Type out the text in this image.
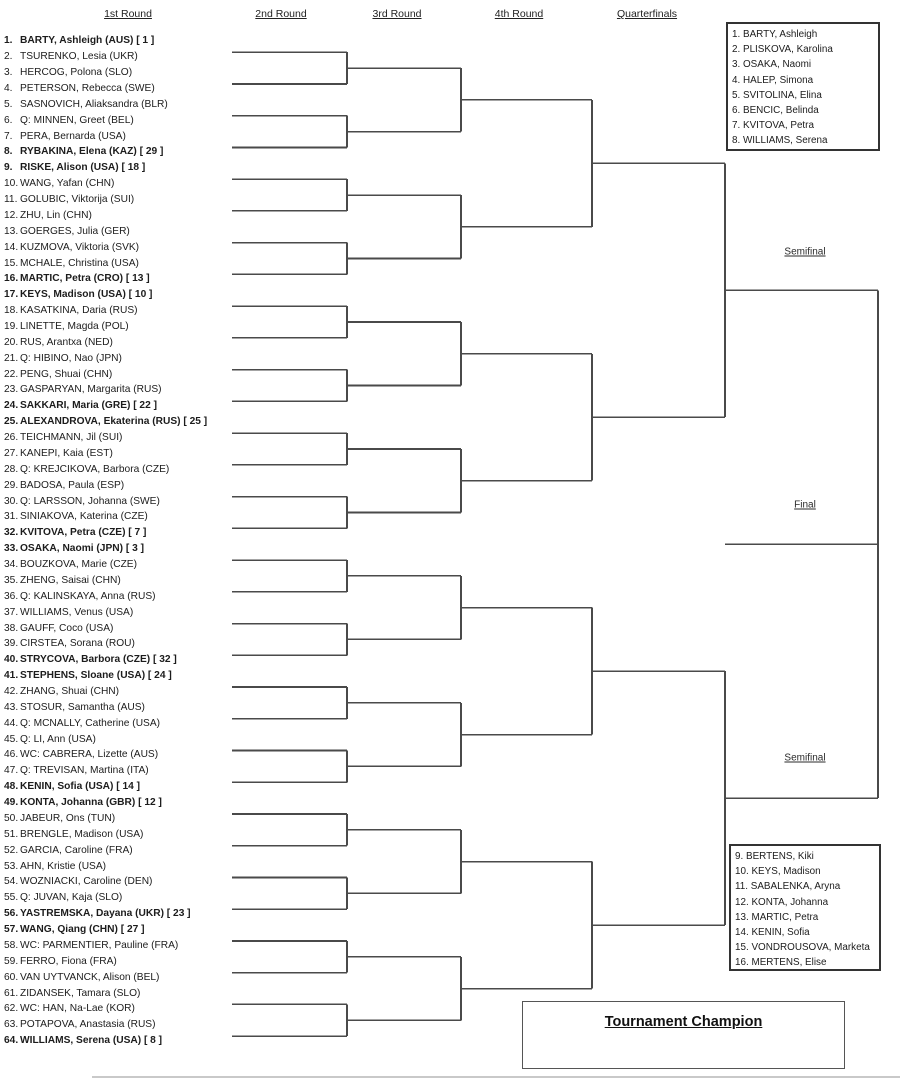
1st Round	2nd Round	3rd Round	4th Round	Quarterfinals
1. BARTY, Ashleigh (AUS) [ 1 ]
2. TSURENKO, Lesia (UKR)
3. HERCOG, Polona (SLO)
4. PETERSON, Rebecca (SWE)
5. SASNOVICH, Aliaksandra (BLR)
6. Q: MINNEN, Greet (BEL)
7. PERA, Bernarda (USA)
8. RYBAKINA, Elena (KAZ) [ 29 ]
9. RISKE, Alison (USA) [ 18 ]
10. WANG, Yafan (CHN)
11. GOLUBIC, Viktorija (SUI)
12. ZHU, Lin (CHN)
13. GOERGES, Julia (GER)
14. KUZMOVA, Viktoria (SVK)
15. MCHALE, Christina (USA)
16. MARTIC, Petra (CRO) [ 13 ]
17. KEYS, Madison (USA) [ 10 ]
18. KASATKINA, Daria (RUS)
19. LINETTE, Magda (POL)
20. RUS, Arantxa (NED)
21. Q: HIBINO, Nao (JPN)
22. PENG, Shuai (CHN)
23. GASPARYAN, Margarita (RUS)
24. SAKKARI, Maria (GRE) [ 22 ]
25. ALEXANDROVA, Ekaterina (RUS) [ 25 ]
26. TEICHMANN, Jil (SUI)
27. KANEPI, Kaia (EST)
28. Q: KREJCIKOVA, Barbora (CZE)
29. BADOSA, Paula (ESP)
30. Q: LARSSON, Johanna (SWE)
31. SINIAKOVA, Katerina (CZE)
32. KVITOVA, Petra (CZE) [ 7 ]
33. OSAKA, Naomi (JPN) [ 3 ]
34. BOUZKOVA, Marie (CZE)
35. ZHENG, Saisai (CHN)
36. Q: KALINSKAYA, Anna (RUS)
37. WILLIAMS, Venus (USA)
38. GAUFF, Coco (USA)
39. CIRSTEA, Sorana (ROU)
40. STRYCOVA, Barbora (CZE) [ 32 ]
41. STEPHENS, Sloane (USA) [ 24 ]
42. ZHANG, Shuai (CHN)
43. STOSUR, Samantha (AUS)
44. Q: MCNALLY, Catherine (USA)
45. Q: LI, Ann (USA)
46. WC: CABRERA, Lizette (AUS)
47. Q: TREVISAN, Martina (ITA)
48. KENIN, Sofia (USA) [ 14 ]
49. KONTA, Johanna (GBR) [ 12 ]
50. JABEUR, Ons (TUN)
51. BRENGLE, Madison (USA)
52. GARCIA, Caroline (FRA)
53. AHN, Kristie (USA)
54. WOZNIACKI, Caroline (DEN)
55. Q: JUVAN, Kaja (SLO)
56. YASTREMSKA, Dayana (UKR) [ 23 ]
57. WANG, Qiang (CHN) [ 27 ]
58. WC: PARMENTIER, Pauline (FRA)
59. FERRO, Fiona (FRA)
60. VAN UYTVANCK, Alison (BEL)
61. ZIDANSEK, Tamara (SLO)
62. WC: HAN, Na-Lae (KOR)
63. POTAPOVA, Anastasia (RUS)
64. WILLIAMS, Serena (USA) [ 8 ]
Semifinal
Final
Semifinal
1. BARTY, Ashleigh
2. PLISKOVA, Karolina
3. OSAKA, Naomi
4. HALEP, Simona
5. SVITOLINA, Elina
6. BENCIC, Belinda
7. KVITOVA, Petra
8. WILLIAMS, Serena
9. BERTENS, Kiki
10. KEYS, Madison
11. SABALENKA, Aryna
12. KONTA, Johanna
13. MARTIC, Petra
14. KENIN, Sofia
15. VONDROUSOVA, Marketa
16. MERTENS, Elise
Tournament Champion
